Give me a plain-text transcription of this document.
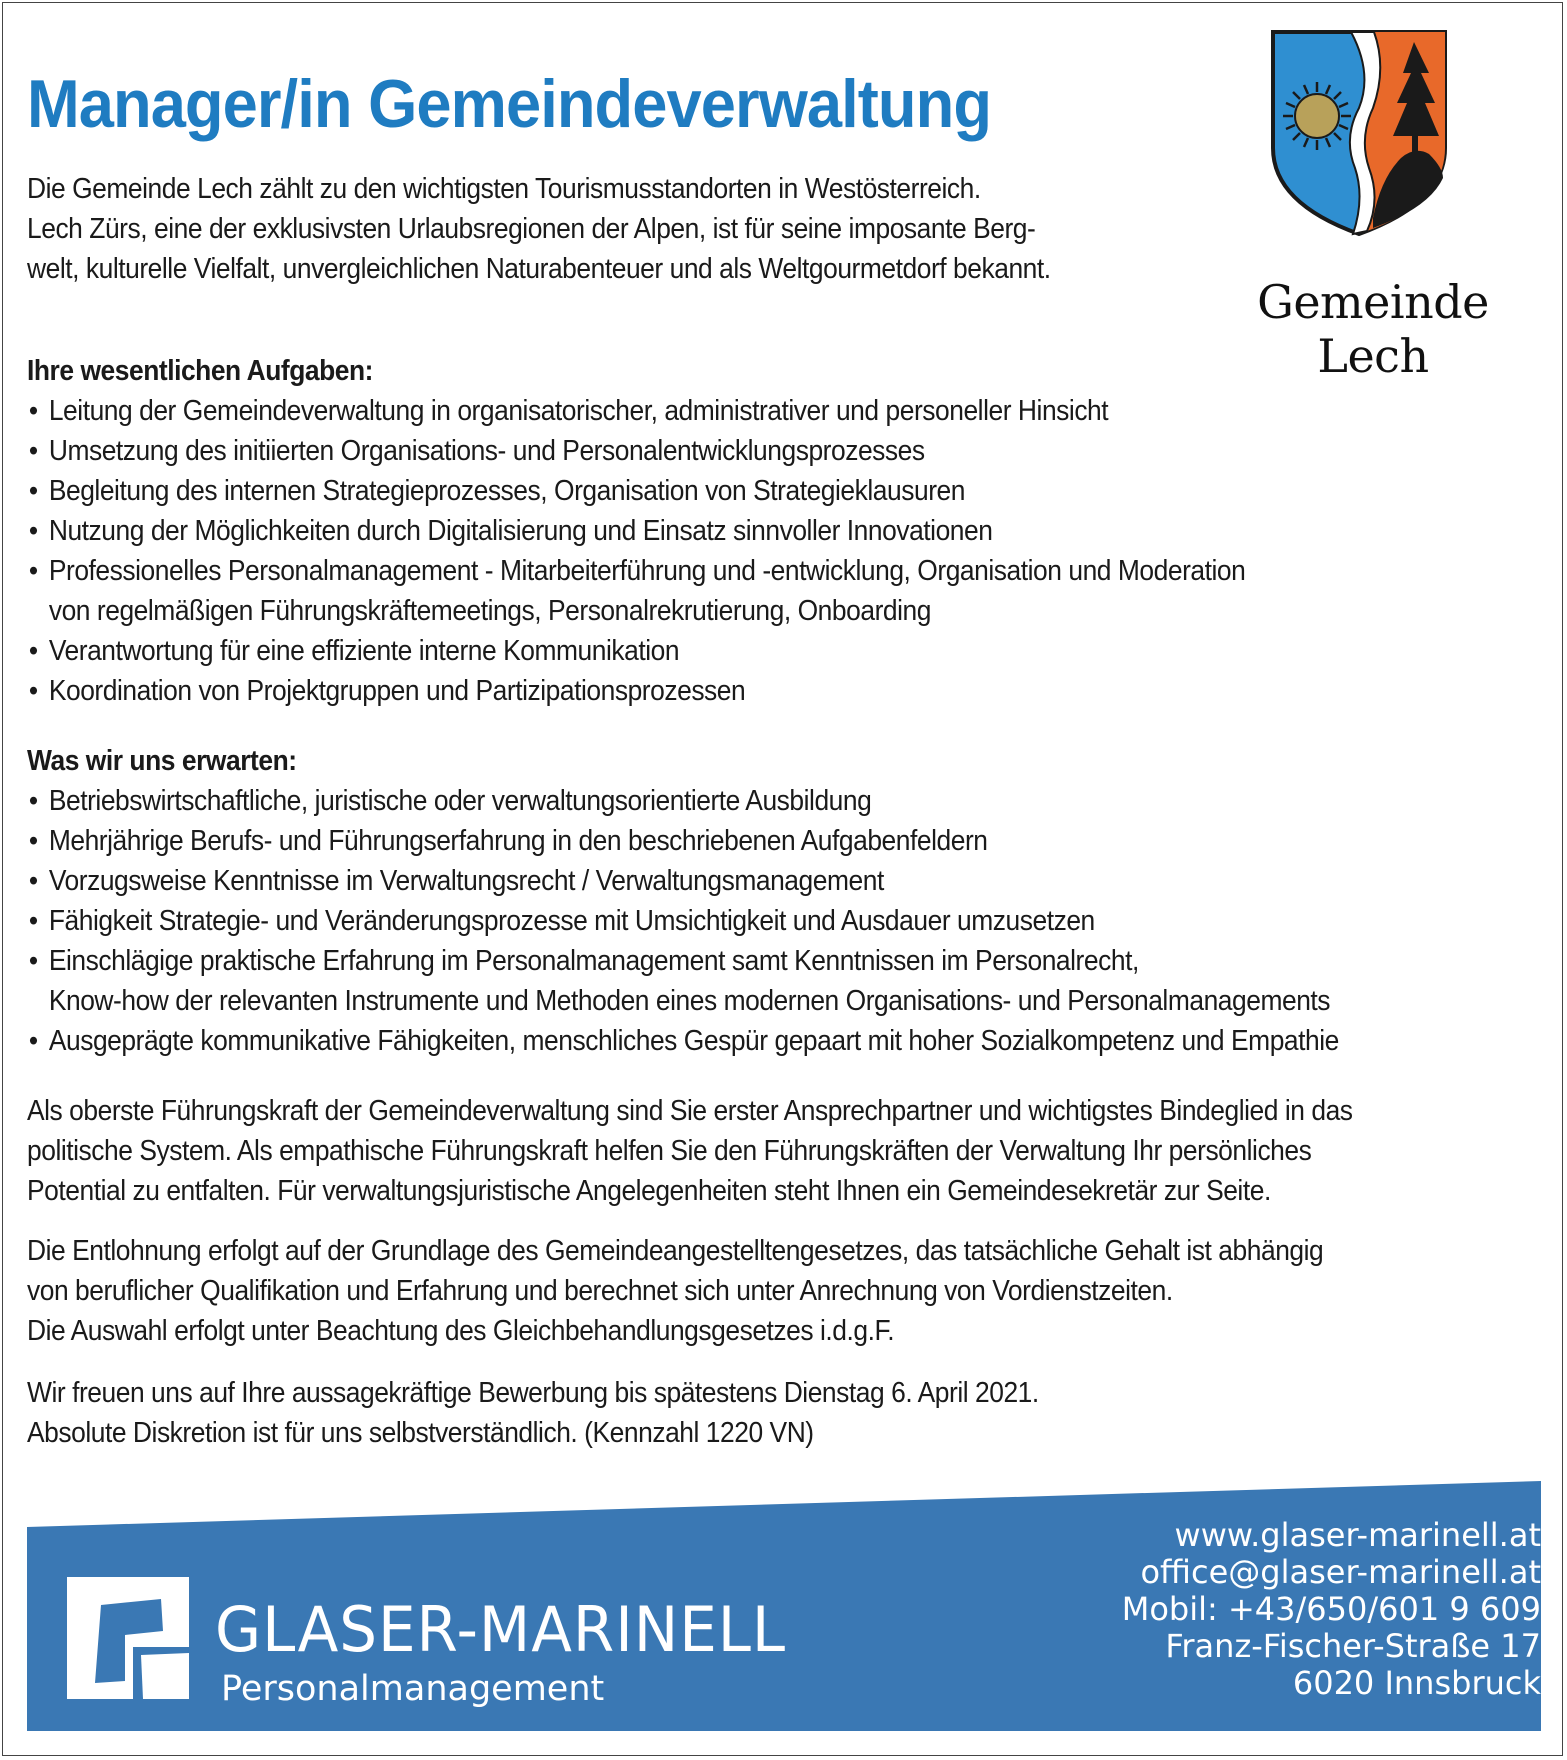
Manager/in Gemeindeverwaltung
Gemeinde Lech

Die Gemeinde Lech zählt zu den wichtigsten Tourismusstandorten in Westösterreich.

Lech Zürs, eine der exklusivsten Urlaubsregionen der Alpen, ist für seine imposante Berg-

welt, kulturelle Vielfalt, unvergleichlichen Naturabenteuer und als Weltgourmetdorf bekannt.

Ihre wesentlichen Aufgaben:

• Leitung der Gemeindeverwaltung in organisatorischer, administrativer und personeller Hinsicht
• Umsetzung des initiierten Organisations- und Personalentwicklungsprozesses
• Begleitung des internen Strategieprozesses, Organisation von Strategieklausuren
• Nutzung der Möglichkeiten durch Digitalisierung und Einsatz sinnvoller Innovationen
• Professionelles Personalmanagement - Mitarbeiterführung und -entwicklung, Organisation und Moderation
von regelmäßigen Führungskräftemeetings, Personalrekrutierung, Onboarding
• Verantwortung für eine effiziente interne Kommunikation
• Koordination von Projektgruppen und Partizipationsprozessen

Was wir uns erwarten:

• Betriebswirtschaftliche, juristische oder verwaltungsorientierte Ausbildung
• Mehrjährige Berufs- und Führungserfahrung in den beschriebenen Aufgabenfeldern
• Vorzugsweise Kenntnisse im Verwaltungsrecht / Verwaltungsmanagement
• Fähigkeit Strategie- und Veränderungsprozesse mit Umsichtigkeit und Ausdauer umzusetzen
• Einschlägige praktische Erfahrung im Personalmanagement samt Kenntnissen im Personalrecht,
Know-how der relevanten Instrumente und Methoden eines modernen Organisations- und Personalmanagements
• Ausgeprägte kommunikative Fähigkeiten, menschliches Gespür gepaart mit hoher Sozialkompetenz und Empathie

Als oberste Führungskraft der Gemeindeverwaltung sind Sie erster Ansprechpartner und wichtigstes Bindeglied in das

politische System. Als empathische Führungskraft helfen Sie den Führungskräften der Verwaltung Ihr persönliches

Potential zu entfalten. Für verwaltungsjuristische Angelegenheiten steht Ihnen ein Gemeindesekretär zur Seite.

Die Entlohnung erfolgt auf der Grundlage des Gemeindeangestelltengesetzes, das tatsächliche Gehalt ist abhängig

von beruflicher Qualifikation und Erfahrung und berechnet sich unter Anrechnung von Vordienstzeiten.

Die Auswahl erfolgt unter Beachtung des Gleichbehandlungsgesetzes i.d.g.F.

Wir freuen uns auf Ihre aussagekräftige Bewerbung bis spätestens Dienstag 6. April 2021.

Absolute Diskretion ist für uns selbstverständlich. (Kennzahl 1220 VN)

GLASER-MARINELL
Personalmanagement
www.glaser-marinell.at
office@glaser-marinell.at
Mobil: +43/650/601 9 609
Franz-Fischer-Straße 17
6020 Innsbruck
